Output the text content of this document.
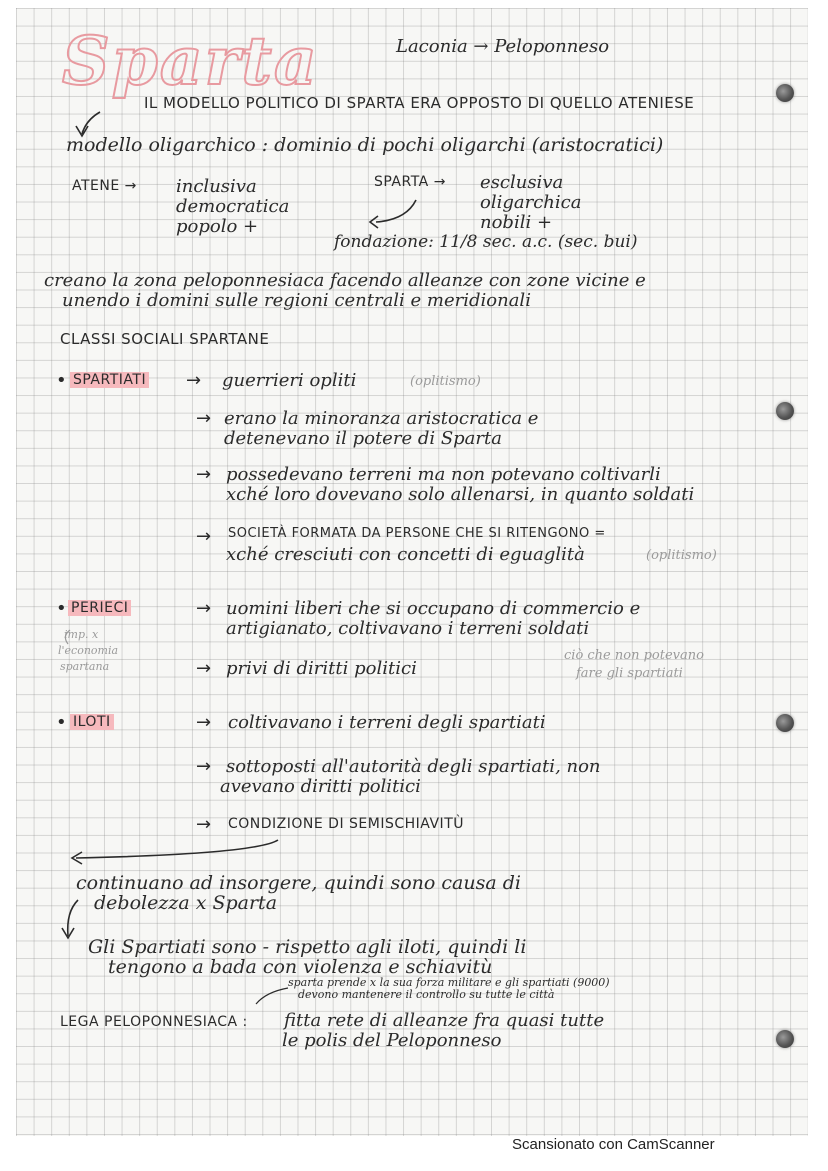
Sparta	Laconia → Peloponneso
IL MODELLO POLITICO DI SPARTA ERA OPPOSTO DI QUELLO ATENIESE
modello oligarchico : dominio di pochi oligarchi (aristocratici)
ATENE → inclusiva
democratica
popolo +
SPARTA → esclusiva
oligarchica
nobili +
fondazione: 11/8 sec. a.c. (sec. bui)
creano la zona peloponnesiaca facendo alleanze con zone vicine e
unendo i domini sulle regioni centrali e meridionali
CLASSI SOCIALI SPARTANE
• SPARTIATI → guerrieri opliti	(oplitismo)
→ erano la minoranza aristocratica e
detenevano il potere di Sparta
→ possedevano terreni ma non potevano coltivarli
xché loro dovevano solo allenarsi, in quanto soldati
→ SOCIETÀ FORMATA DA PERSONE CHE SI RITENGONO =
xché cresciuti con concetti di eguaglità	(oplitismo)
• PERIECI
imp. x
l'economia
spartana
→ uomini liberi che si occupano di commercio e
artigianato, coltivavano i terreni soldati
→ privi di diritti politici
ciò che non potevano
fare gli spartiati
• ILOTI	→ coltivavano i terreni degli spartiati
→ sottoposti all'autorità degli spartiati, non
avevano diritti politici
→ CONDIZIONE DI SEMISCHIAVITÙ
continuano ad insorgere, quindi sono causa di
debolezza x Sparta
Gli Spartiati sono - rispetto agli iloti, quindi li
tengono a bada con violenza e schiavitù
sparta prende x la sua forza militare e gli spartiati (9000)
devono mantenere il controllo su tutte le città
LEGA PELOPONNESIACA : fitta rete di alleanze fra quasi tutte
le polis del Peloponneso
Scansionato con CamScanner
